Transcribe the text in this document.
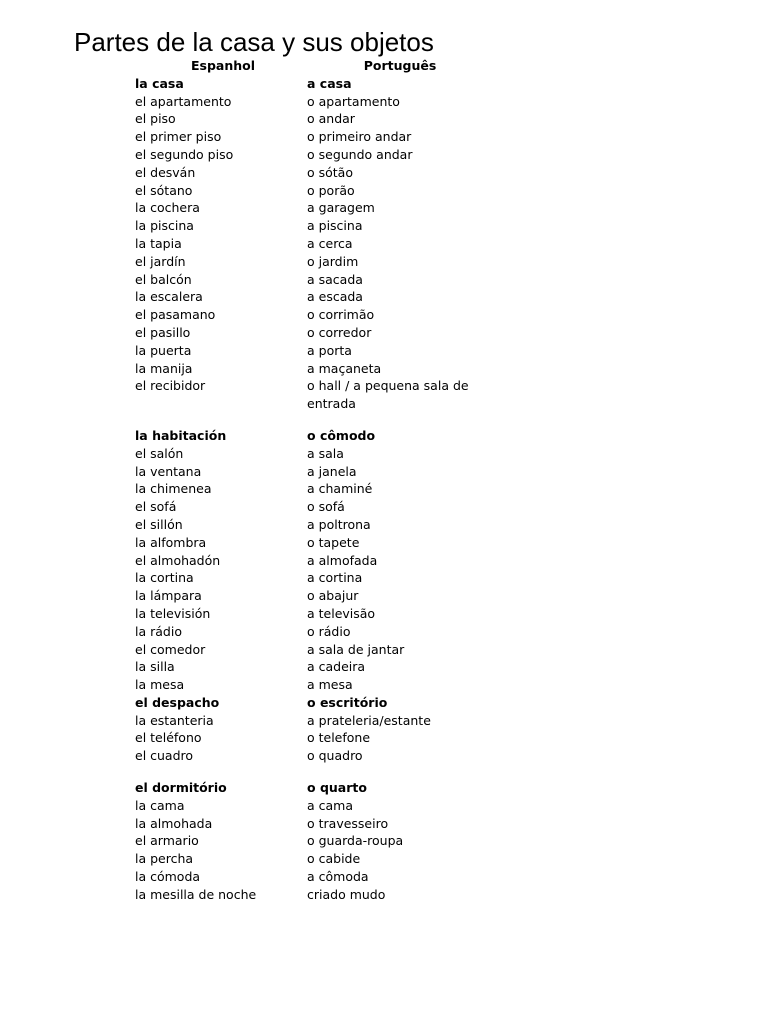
Partes de la casa y sus objetos
Espanhol	Português
la casa	a casa
el apartamento	o apartamento
el piso	o andar
el primer piso	o primeiro andar
el segundo piso	o segundo andar
el desván	o sótão
el sótano	o porão
la cochera	a garagem
la piscina	a piscina
la tapia	a cerca
el jardín	o jardim
el balcón	a sacada
la escalera	a escada
el pasamano	o corrimão
el pasillo	o corredor
la puerta	a porta
la manija	a maçaneta
el recibidor	o hall / a pequena sala de entrada
la habitación	o cômodo
el salón	a sala
la ventana	a janela
la chimenea	a chaminé
el sofá	o sofá
el sillón	a poltrona
la alfombra	o tapete
el almohadón	a almofada
la cortina	a cortina
la lámpara	o abajur
la televisión	a televisão
la rádio	o rádio
el comedor	a sala de jantar
la silla	a cadeira
la mesa	a mesa
el despacho	o escritório
la estanteria	a prateleria/estante
el teléfono	o telefone
el cuadro	o quadro
el dormitório	o quarto
la cama	a cama
la almohada	o travesseiro
el armario	o guarda-roupa
la percha	o cabide
la cómoda	a cômoda
la mesilla de noche	criado mudo
